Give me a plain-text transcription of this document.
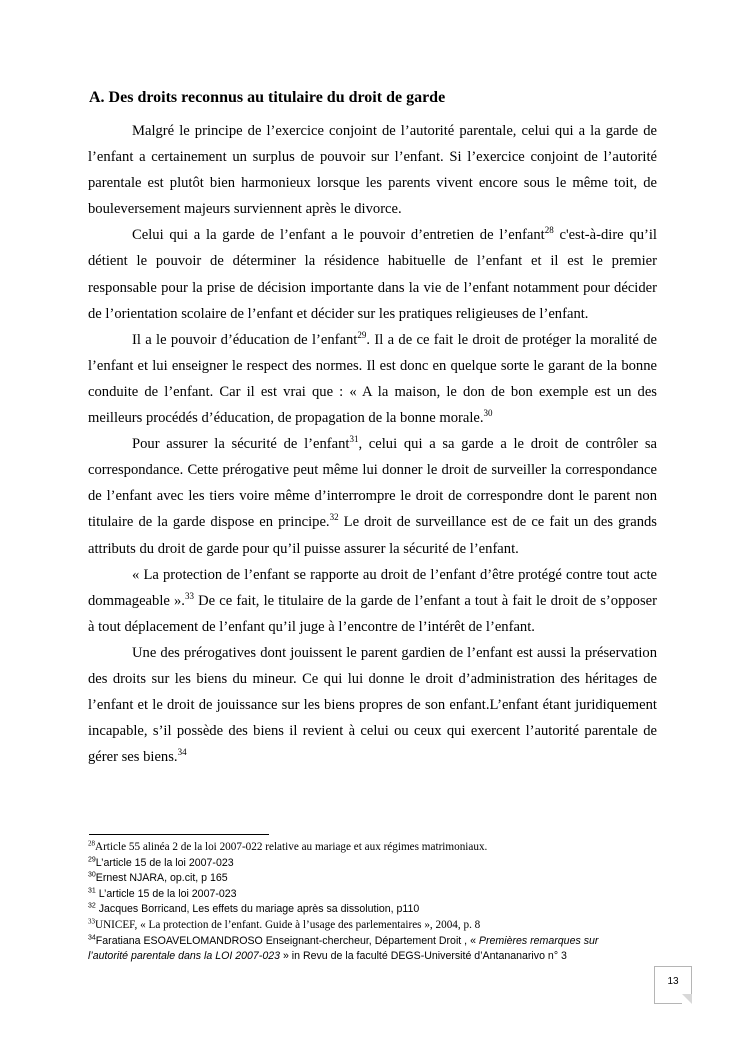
A. Des droits reconnus au titulaire du droit de garde

Malgré le principe de l’exercice conjoint de l’autorité parentale, celui qui a la garde de l’enfant a certainement un surplus de pouvoir sur l’enfant. Si l’exercice conjoint de l’autorité parentale est plutôt bien harmonieux lorsque les parents vivent encore sous le même toit, de bouleversement majeurs surviennent après le divorce.

Celui qui a la garde de l’enfant a le pouvoir d’entretien de l’enfant$^{28}$ c'est-à-dire qu’il détient le pouvoir de déterminer la résidence habituelle de l’enfant et il est le premier responsable pour la prise de décision importante dans la vie de l’enfant notamment pour décider de l’orientation scolaire de l’enfant et décider sur les pratiques religieuses de l’enfant.

Il a le pouvoir d’éducation de l’enfant$^{29}$. Il a de ce fait le droit de protéger la moralité de l’enfant et lui enseigner le respect des normes. Il est donc en quelque sorte le garant de la bonne conduite de l’enfant. Car il est vrai que : « A la maison, le don de bon exemple est un des meilleurs procédés d’éducation, de propagation de la bonne morale.$^{30}$

Pour assurer la sécurité de l’enfant$^{31}$, celui qui a sa garde a le droit de contrôler sa correspondance. Cette prérogative peut même lui donner le droit de surveiller la correspondance de l’enfant avec les tiers voire même d’interrompre le droit de correspondre dont le parent non titulaire de la garde dispose en principe.$^{32}$ Le droit de surveillance est de ce fait un des grands attributs du droit de garde pour qu’il puisse assurer la sécurité de l’enfant.

« La protection de l’enfant se rapporte au droit de l’enfant d’être protégé contre tout acte dommageable ».$^{33}$ De ce fait, le titulaire de la garde de l’enfant a tout à fait le droit de s’opposer à tout déplacement de l’enfant qu’il juge à l’encontre de l’intérêt de l’enfant.

Une des prérogatives dont jouissent le parent gardien de l’enfant est aussi la préservation des droits sur les biens du mineur. Ce qui lui donne le droit d’administration des héritages de l’enfant et le droit de jouissance sur les biens propres de son enfant.L’enfant étant juridiquement incapable, s’il possède des biens il revient à celui ou ceux qui exercent l’autorité parentale de gérer ses biens.$^{34}$

$^{28}$Article 55 alinéa 2 de la loi 2007-022 relative au mariage et aux régimes matrimoniaux.
$^{29}$L’article 15 de la loi 2007-023
$^{30}$Ernest NJARA, op.cit, p 165
$^{31}$ L’article 15 de la loi 2007-023
$^{32}$ Jacques Borricand, Les effets du mariage après sa dissolution, p110
$^{33}$UNICEF, « La protection de l’enfant. Guide à l’usage des parlementaires », 2004, p. 8
$^{34}$Faratiana ESOAVELOMANDROSO Enseignant-chercheur, Département Droit , « Premières remarques sur
l’autorité parentale dans la LOI 2007-023 » in Revu de la faculté DEGS-Université d’Antananarivo n° 3
13
